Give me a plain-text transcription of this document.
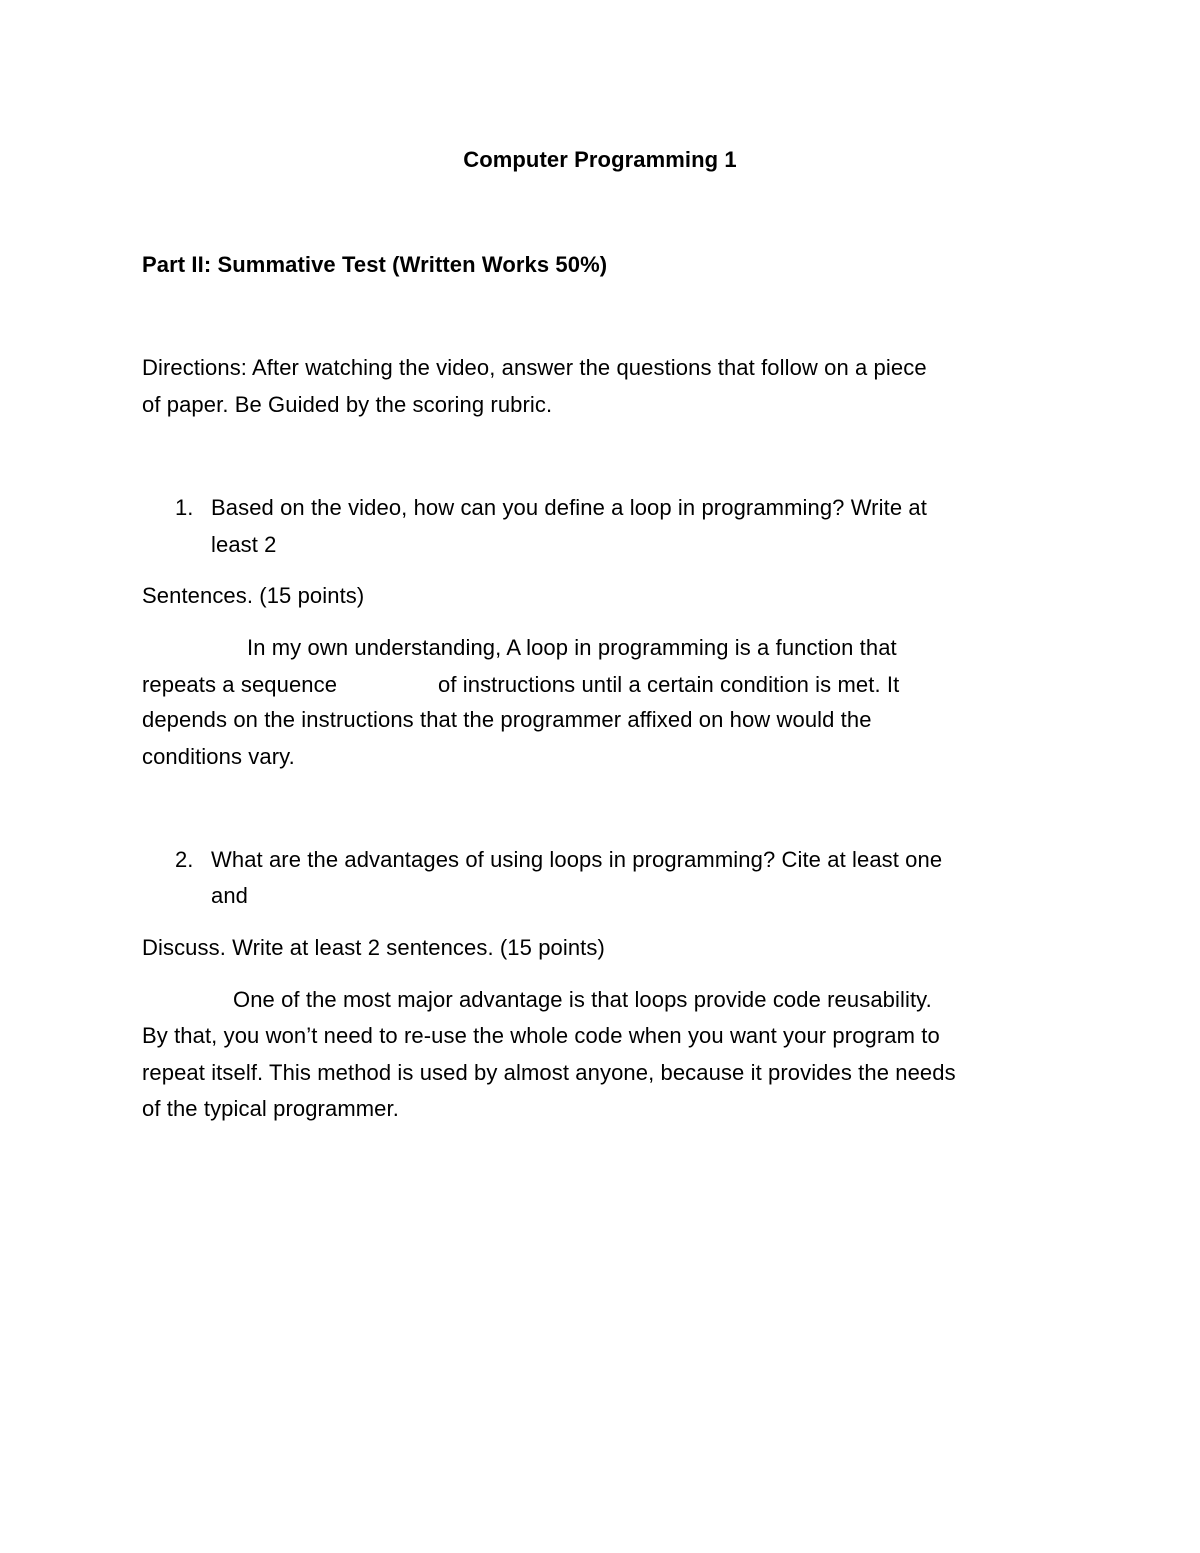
Computer Programming 1
Part II: Summative Test (Written Works 50%)
Directions: After watching the video, answer the questions that follow on a piece
of paper. Be Guided by the scoring rubric.
1. Based on the video, how can you define a loop in programming? Write at
least 2
Sentences. (15 points)
In my own understanding, A loop in programming is a function that
repeats a sequence	of instructions until a certain condition is met. It
depends on the instructions that the programmer affixed on how would the
conditions vary.
2. What are the advantages of using loops in programming? Cite at least one
and
Discuss. Write at least 2 sentences. (15 points)
One of the most major advantage is that loops provide code reusability.
By that, you won’t need to re-use the whole code when you want your program to
repeat itself. This method is used by almost anyone, because it provides the needs
of the typical programmer.
